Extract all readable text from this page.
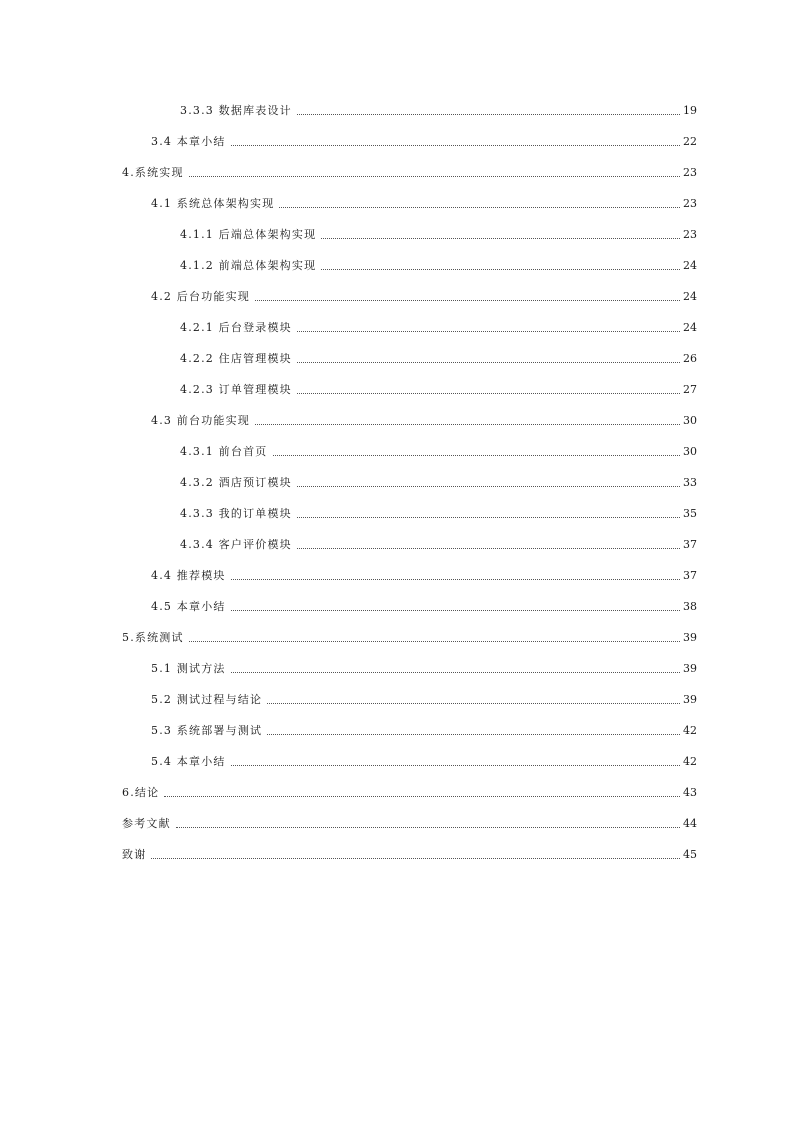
3.3.3 数据库表设计	19
3.4 本章小结	22
4.系统实现	23
4.1 系统总体架构实现	23
4.1.1 后端总体架构实现	23
4.1.2 前端总体架构实现	24
4.2 后台功能实现	24
4.2.1 后台登录模块	24
4.2.2 住店管理模块	26
4.2.3 订单管理模块	27
4.3 前台功能实现	30
4.3.1 前台首页	30
4.3.2 酒店预订模块	33
4.3.3 我的订单模块	35
4.3.4 客户评价模块	37
4.4 推荐模块	37
4.5 本章小结	38
5.系统测试	39
5.1 测试方法	39
5.2 测试过程与结论	39
5.3 系统部署与测试	42
5.4 本章小结	42
6.结论	43
参考文献	44
致谢	45
